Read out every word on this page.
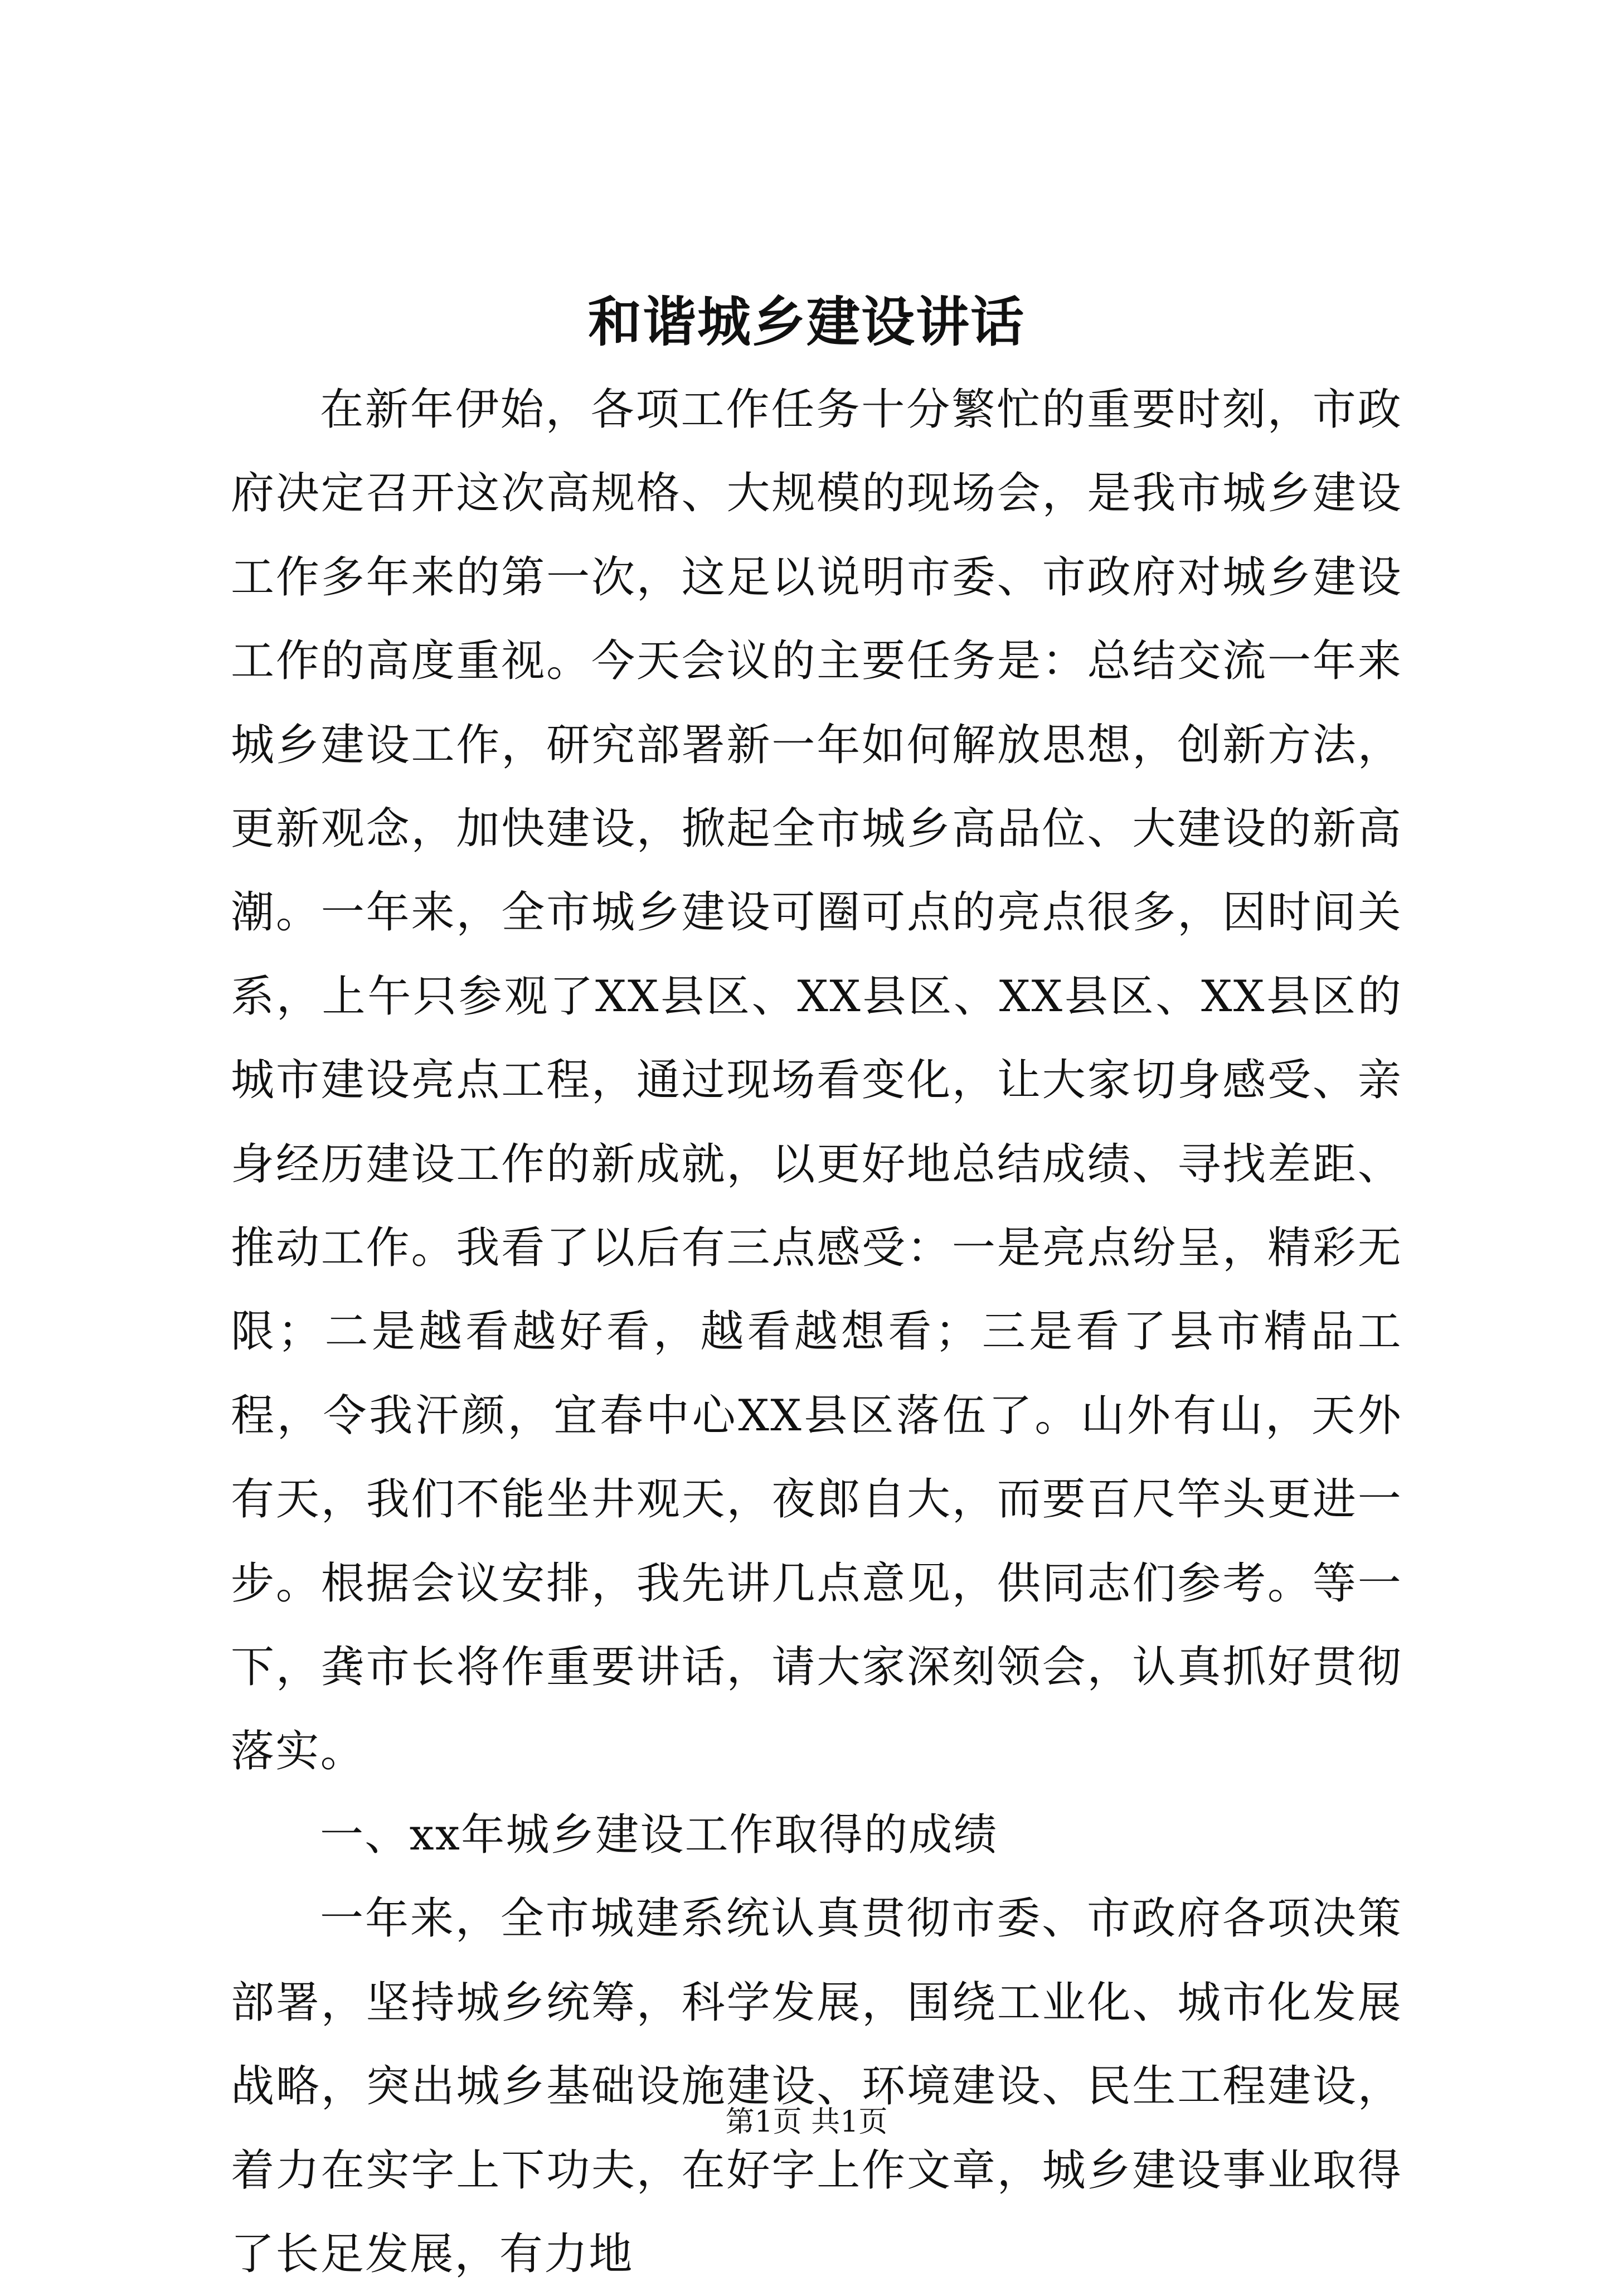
和谐城乡建设讲话

在新年伊始，各项工作任务十分繁忙的重要时刻，市政府决定召开这次高规格、大规模的现场会，是我市城乡建设工作多年来的第一次，这足以说明市委、市政府对城乡建设工作的高度重视。今天会议的主要任务是：总结交流一年来城乡建设工作，研究部署新一年如何解放思想，创新方法，更新观念，加快建设，掀起全市城乡高品位、大建设的新高潮。一年来，全市城乡建设可圈可点的亮点很多，因时间关系，上午只参观了XX县区、XX县区、XX县区、XX县区的城市建设亮点工程，通过现场看变化，让大家切身感受、亲身经历建设工作的新成就，以更好地总结成绩、寻找差距、推动工作。我看了以后有三点感受：一是亮点纷呈，精彩无限；二是越看越好看，越看越想看；三是看了县市精品工程，令我汗颜，宜春中心XX县区落伍了。山外有山，天外有天，我们不能坐井观天，夜郎自大，而要百尺竿头更进一步。根据会议安排，我先讲几点意见，供同志们参考。等一下，龚市长将作重要讲话，请大家深刻领会，认真抓好贯彻落实。

一、xx年城乡建设工作取得的成绩

一年来，全市城建系统认真贯彻市委、市政府各项决策部署，坚持城乡统筹，科学发展，围绕工业化、城市化发展战略，突出城乡基础设施建设、环境建设、民生工程建设，着力在实字上下功夫，在好字上作文章，城乡建设事业取得了长足发展，有力地

第1页 共1页
